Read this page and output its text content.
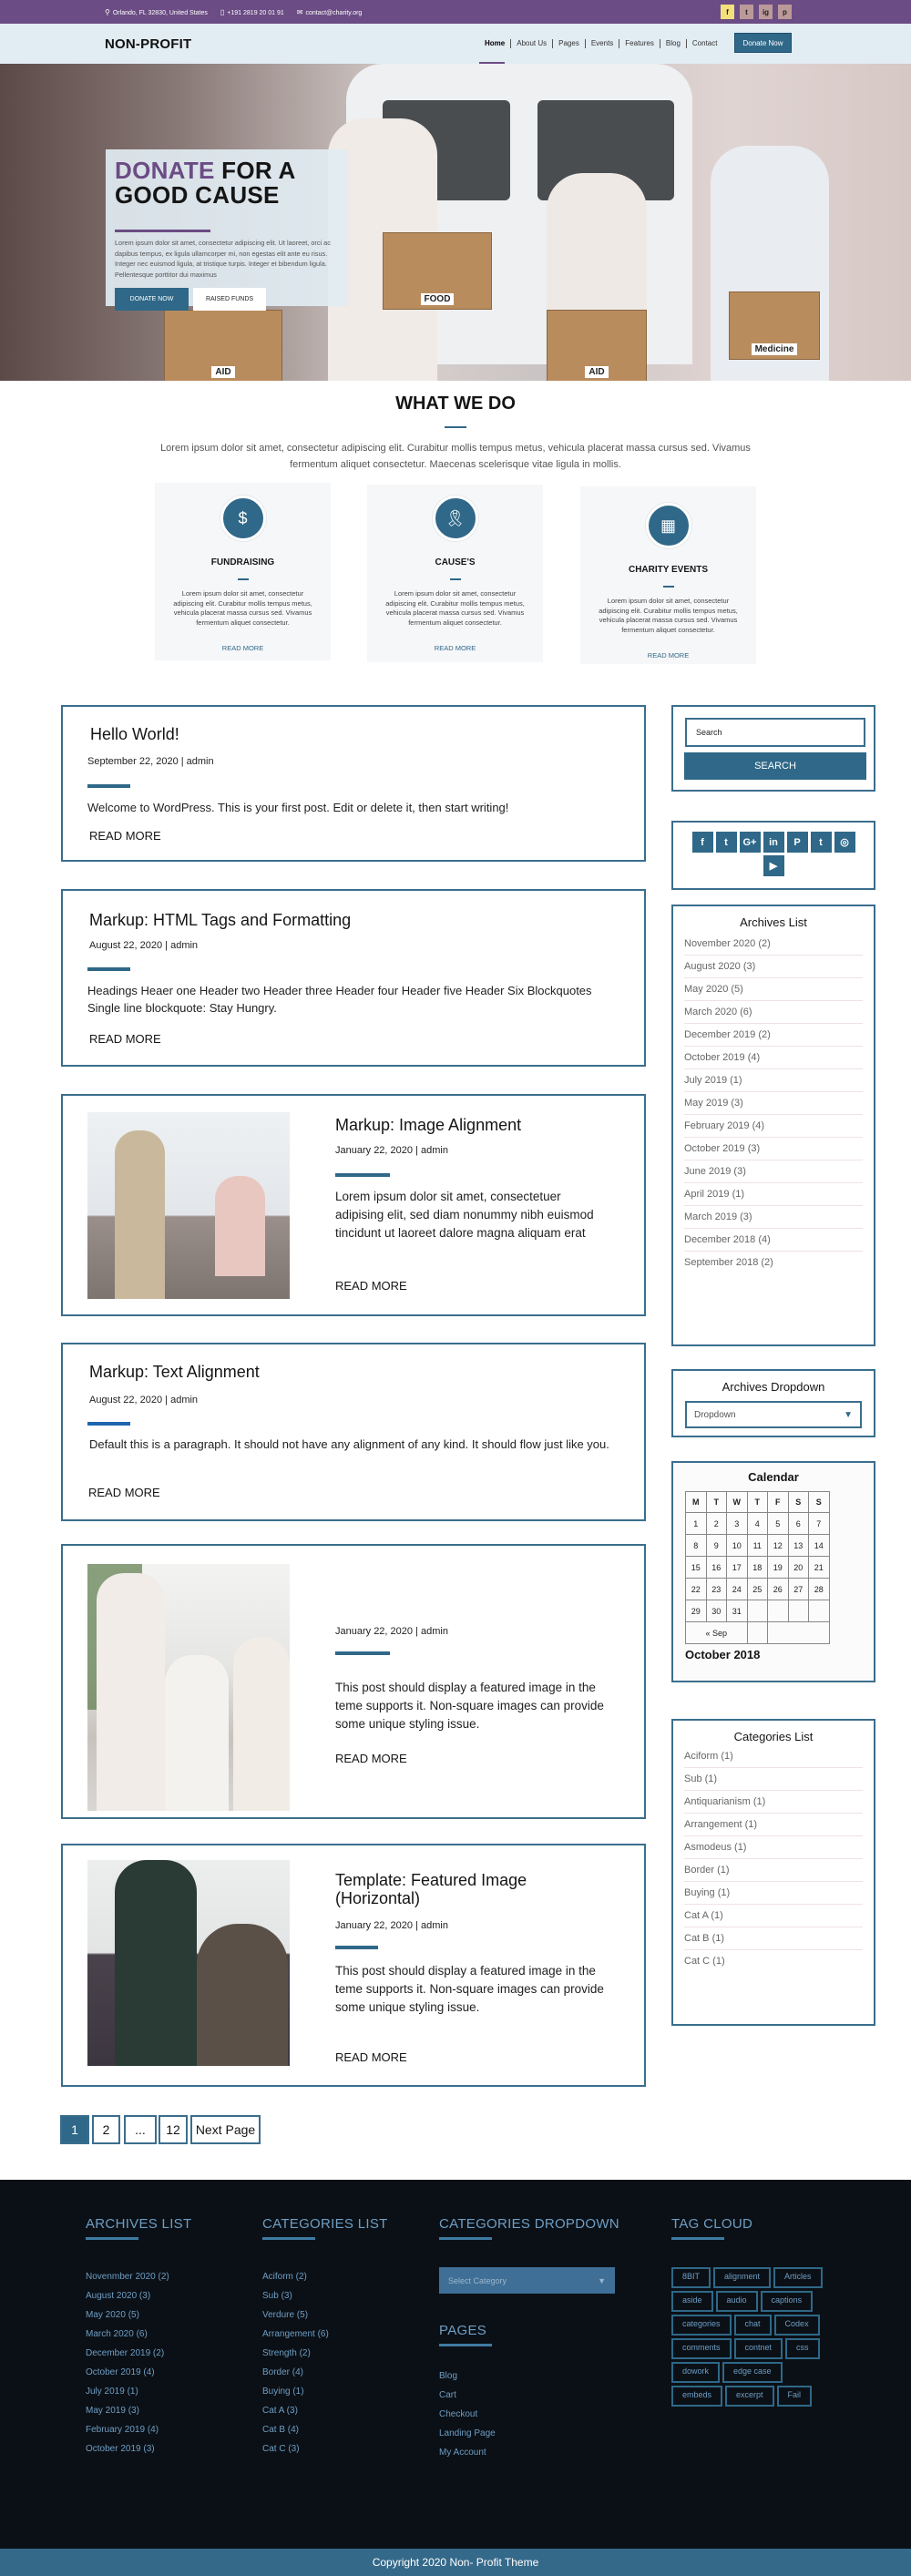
⚲ Orlando, FL 32830, United States ▯ +191 2819 20 01 91 ✉ contact@charity.org	f	t	ig	p
NON-PROFIT	Home	About Us	Pages	Events	Features	Blog	Contact	Donate Now
AID
FOOD
AID
Medicine
DONATE FOR A GOOD CAUSE

Lorem ipsum dolor sit amet, consectetur adipiscing elit. Ut laoreet, orci ac dapibus tempus, ex ligula ullamcorper mi, non egestas elit ante eu risus. Integer nec euismod ligula, at tristique turpis. Integer et bibendum ligula. Pellentesque porttitor dui maximus

DONATE NOW	RAISED FUNDS
WHAT WE DO
Lorem ipsum dolor sit amet, consectetur adipiscing elit. Curabitur mollis tempus metus, vehicula placerat massa cursus sed. Vivamus fermentum aliquet consectetur. Maecenas scelerisque vitae ligula in mollis.
$
FUNDRAISING

Lorem ipsum dolor sit amet, consectetur adipiscing elit. Curabitur mollis tempus metus, vehicula placerat massa cursus sed. Vivamus fermentum aliquet consectetur.

READ MORE
🎗
CAUSE'S

Lorem ipsum dolor sit amet, consectetur adipiscing elit. Curabitur mollis tempus metus, vehicula placerat massa cursus sed. Vivamus fermentum aliquet consectetur.

READ MORE
▦
CHARITY EVENTS

Lorem ipsum dolor sit amet, consectetur adipiscing elit. Curabitur mollis tempus metus, vehicula placerat massa cursus sed. Vivamus fermentum aliquet consectetur.

READ MORE
Hello World!
September 22, 2020 | admin
Welcome to WordPress. This is your first post. Edit or delete it, then start writing!
READ MORE
Markup: HTML Tags and Formatting
August 22, 2020 | admin
Headings Heaer one Header two Header three Header four Header five Header Six Blockquotes Single line blockquote: Stay Hungry.
READ MORE
Markup: Image Alignment
January 22, 2020 | admin
Lorem ipsum dolor sit amet, consectetuer adipising elit, sed diam nonummy nibh euismod tincidunt ut laoreet dalore magna aliquam erat
READ MORE
Markup: Text Alignment
August 22, 2020 | admin
Default this is a paragraph. It should not have any alignment of any kind. It should flow just like you.
READ MORE
January 22, 2020 | admin
This post should display a featured image in the teme supports it. Non-square images can provide some unique styling issue.
READ MORE
Template: Featured Image (Horizontal)
January 22, 2020 | admin
This post should display a featured image in the teme supports it. Non-square images can provide some unique styling issue.
READ MORE
1	2	...	12	Next Page
Search
SEARCH
f	t	G+	in	P	t	◎
▶
Archives List
November 2020 (2)
August 2020 (3)
May 2020 (5)
March 2020 (6)
December 2019 (2)
October 2019 (4)
July 2019 (1)
May 2019 (3)
February 2019 (4)
October 2019 (3)
June 2019 (3)
April 2019 (1)
March 2019 (3)
December 2018 (4)
September 2018 (2)
Archives Dropdown
Dropdown	▼
Calendar
M	T	W	T	F	S	S
1	2	3	4	5	6	7
8	9	10	11	12	13	14
15	16	17	18	19	20	21
22	23	24	25	26	27	28
29	30	31				
« Sep						
October 2018
Categories List
Aciform (1)
Sub (1)
Antiquarianism (1)
Arrangement (1)
Asmodeus (1)
Border (1)
Buying (1)
Cat A (1)
Cat B (1)
Cat C (1)
ARCHIVES LIST
Novenmber 2020 (2)
August 2020 (3)
May 2020 (5)
March 2020 (6)
December 2019 (2)
October 2019 (4)
July 2019 (1)
May 2019 (3)
February 2019 (4)
October 2019 (3)
CATEGORIES LIST
Aciform (2)
Sub (3)
Verdure (5)
Arrangement (6)
Strength (2)
Border (4)
Buying (1)
Cat A (3)
Cat B (4)
Cat C (3)
CATEGORIES DROPDOWN
Select Category	▼
PAGES
Blog
Cart
Checkout
Landing Page
My Account
TAG CLOUD
8BIT	alignment	Articles
aside	audio	captions
categories	chat	Codex
comments	contnet	css
dowork	edge case
embeds	excerpt	Fail
Copyright 2020 Non- Profit Theme
